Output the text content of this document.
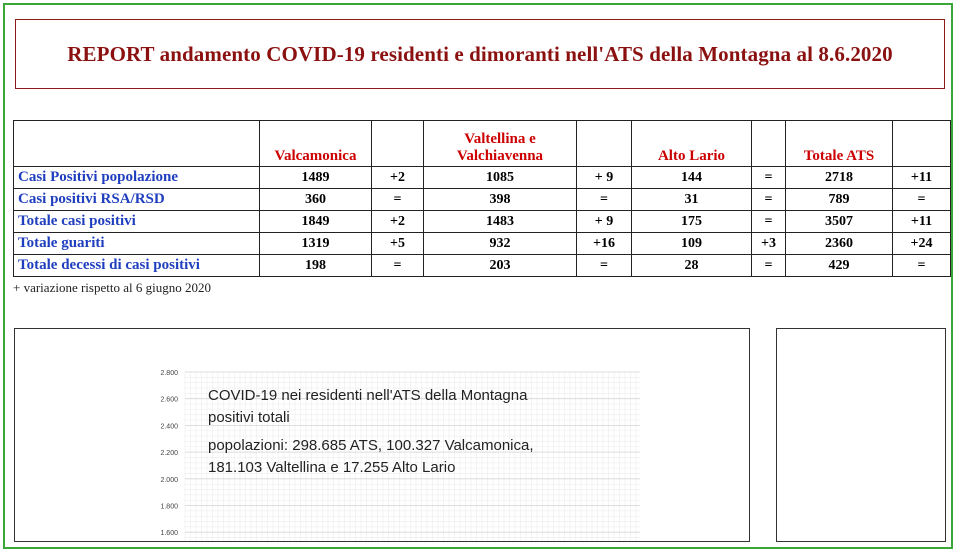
REPORT andamento COVID-19 residenti e dimoranti nell'ATS della Montagna al 8.6.2020
	Valcamonica		Valtellina e
Valchiavenna		Alto Lario		Totale ATS	
Casi Positivi popolazione	1489	+2	1085	+ 9	144	=	2718	+11
Casi positivi RSA/RSD	360	=	398	=	31	=	789	=
Totale casi positivi	1849	+2	1483	+ 9	175	=	3507	+11
Totale guariti	1319	+5	932	+16	109	+3	2360	+24
Totale decessi di casi positivi	198	=	203	=	28	=	429	=
+ variazione rispetto al 6 giugno 2020
2.800
2.600
2.400
2.200
2.000
1.800
1.600
COVID-19 nei residenti nell'ATS della Montagna
positivi totali
popolazioni: 298.685 ATS, 100.327 Valcamonica,
181.103 Valtellina e 17.255 Alto Lario
